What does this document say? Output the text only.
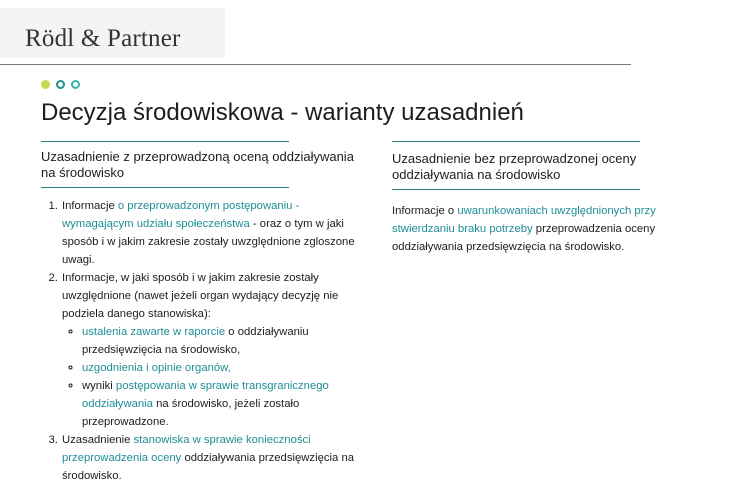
Rödl & Partner
Decyzja środowiskowa - warianty uzasadnień
Uzasadnienie z przeprowadzoną oceną oddziaływania na środowisko
1. Informacje o przeprowadzonym postępowaniu - wymagającym udziału społeczeństwa - oraz o tym w jaki sposób i w jakim zakresie zostały uwzględnione zgloszone uwagi.
2. Informacje, w jaki sposób i w jakim zakresie zostały uwzględnione (nawet jeżeli organ wydający decyzję nie podziela danego stanowiska):
◦ ustalenia zawarte w raporcie o oddziaływaniu przedsięwzięcia na środowisko,
◦ uzgodnienia i opinie organów,
◦ wyniki postępowania w sprawie transgranicznego oddziaływania na środowisko, jeżeli zostało przeprowadzone.
3. Uzasadnienie stanowiska w sprawie konieczności przeprowadzenia oceny oddziaływania przedsięwzięcia na środowisko.
Uzasadnienie bez przeprowadzonej oceny oddziaływania na środowisko
Informacje o uwarunkowaniach uwzględnionych przy stwierdzaniu braku potrzeby przeprowadzenia oceny oddziaływania przedsięwzięcia na środowisko.
